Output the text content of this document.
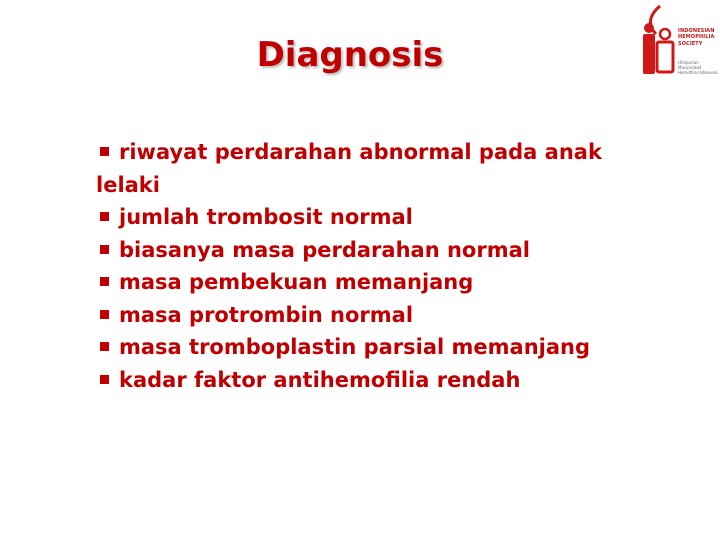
Diagnosis
INDONESIAN
HEMOPHILIA
SOCIETY
Himpunan Masyarakat Hemofilia Indonesia
riwayat perdarahan abnormal pada anak lelaki
jumlah trombosit normal
biasanya masa perdarahan normal
masa pembekuan memanjang
masa protrombin normal
masa tromboplastin parsial memanjang
kadar faktor antihemofilia rendah
